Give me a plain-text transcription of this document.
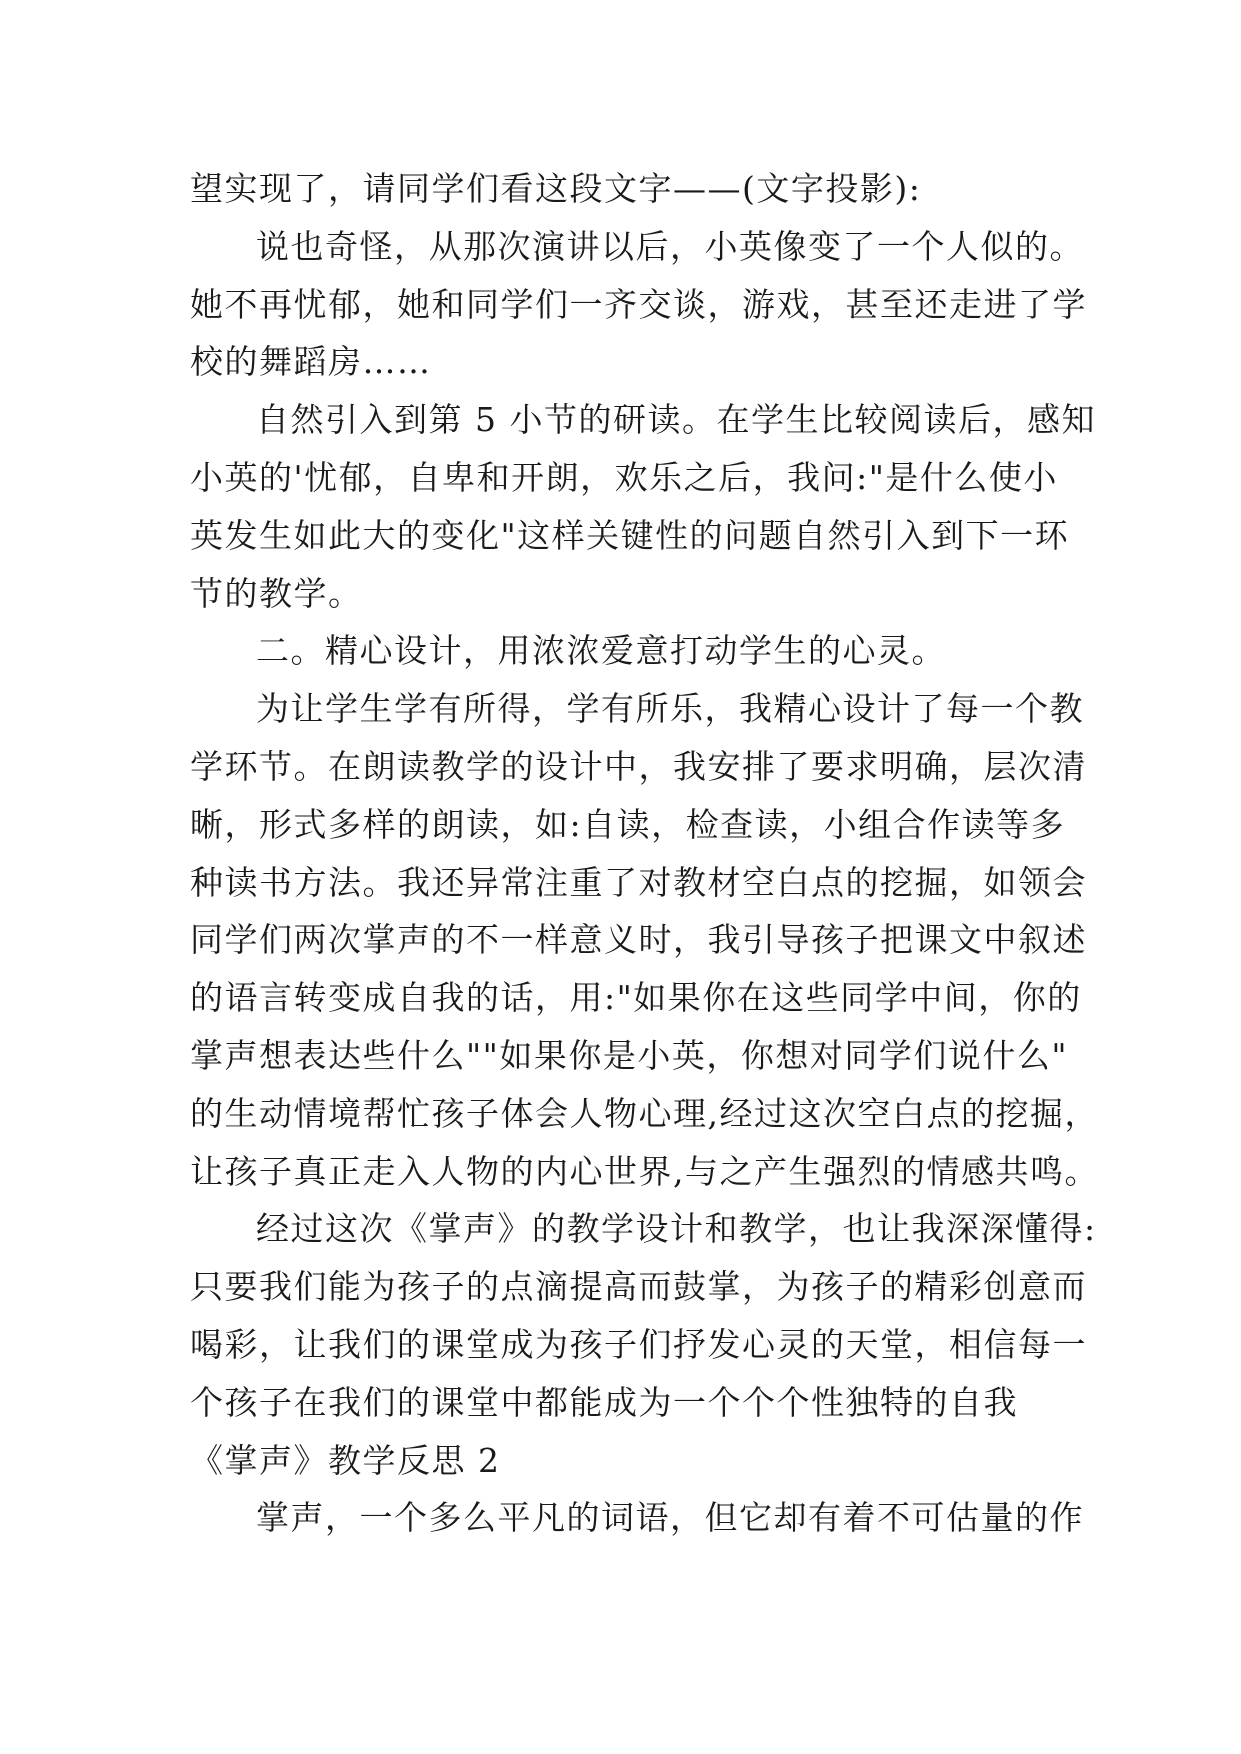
望实现了，请同学们看这段文字——(文字投影):
说也奇怪，从那次演讲以后，小英像变了一个人似的。
她不再忧郁，她和同学们一齐交谈，游戏，甚至还走进了学
校的舞蹈房……
自然引入到第 5 小节的研读。在学生比较阅读后，感知
小英的'忧郁，自卑和开朗，欢乐之后，我问:"是什么使小
英发生如此大的变化"这样关键性的问题自然引入到下一环
节的教学。
二。精心设计，用浓浓爱意打动学生的心灵。
为让学生学有所得，学有所乐，我精心设计了每一个教
学环节。在朗读教学的设计中，我安排了要求明确，层次清
晰，形式多样的朗读，如:自读，检查读，小组合作读等多
种读书方法。我还异常注重了对教材空白点的挖掘，如领会
同学们两次掌声的不一样意义时，我引导孩子把课文中叙述
的语言转变成自我的话，用:"如果你在这些同学中间，你的
掌声想表达些什么""如果你是小英，你想对同学们说什么"
的生动情境帮忙孩子体会人物心理,经过这次空白点的挖掘，
让孩子真正走入人物的内心世界,与之产生强烈的情感共鸣。
经过这次《掌声》的教学设计和教学，也让我深深懂得:
只要我们能为孩子的点滴提高而鼓掌，为孩子的精彩创意而
喝彩，让我们的课堂成为孩子们抒发心灵的天堂，相信每一
个孩子在我们的课堂中都能成为一个个个性独特的自我
《掌声》教学反思 2
掌声，一个多么平凡的词语，但它却有着不可估量的作
